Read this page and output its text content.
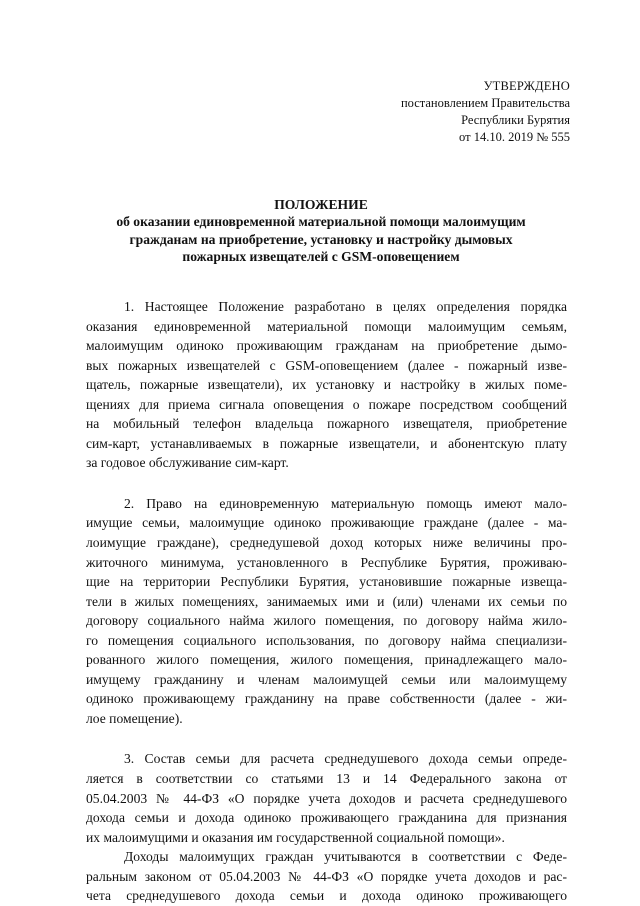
УТВЕРЖДЕНО
постановлением Правительства
Республики Бурятия
от 14.10. 2019 № 555
ПОЛОЖЕНИЕ
об оказании единовременной материальной помощи малоимущим
гражданам на приобретение, установку и настройку дымовых
пожарных извещателей с GSM-оповещением
1. Настоящее Положение разработано в целях определения порядка
оказания единовременной материальной помощи малоимущим семьям,
малоимущим одиноко проживающим гражданам на приобретение дымо-
вых пожарных извещателей с GSM-оповещением (далее - пожарный изве-
щатель, пожарные извещатели), их установку и настройку в жилых поме-
щениях для приема сигнала оповещения о пожаре посредством сообщений
на мобильный телефон владельца пожарного извещателя, приобретение
сим-карт, устанавливаемых в пожарные извещатели, и абонентскую плату
за годовое обслуживание сим-карт.
2. Право на единовременную материальную помощь имеют мало-
имущие семьи, малоимущие одиноко проживающие граждане (далее - ма-
лоимущие граждане), среднедушевой доход которых ниже величины про-
житочного минимума, установленного в Республике Бурятия, проживаю-
щие на территории Республики Бурятия, установившие пожарные извеща-
тели в жилых помещениях, занимаемых ими и (или) членами их семьи по
договору социального найма жилого помещения, по договору найма жило-
го помещения социального использования, по договору найма специализи-
рованного жилого помещения, жилого помещения, принадлежащего мало-
имущему гражданину и членам малоимущей семьи или малоимущему
одиноко проживающему гражданину на праве собственности (далее - жи-
лое помещение).
3. Состав семьи для расчета среднедушевого дохода семьи опреде-
ляется в соответствии со статьями 13 и 14 Федерального закона от
05.04.2003 № 44-ФЗ «О порядке учета доходов и расчета среднедушевого
дохода семьи и дохода одиноко проживающего гражданина для признания
их малоимущими и оказания им государственной социальной помощи».
Доходы малоимущих граждан учитываются в соответствии с Феде-
ральным законом от 05.04.2003 № 44-ФЗ «О порядке учета доходов и рас-
чета среднедушевого дохода семьи и дохода одиноко проживающего
